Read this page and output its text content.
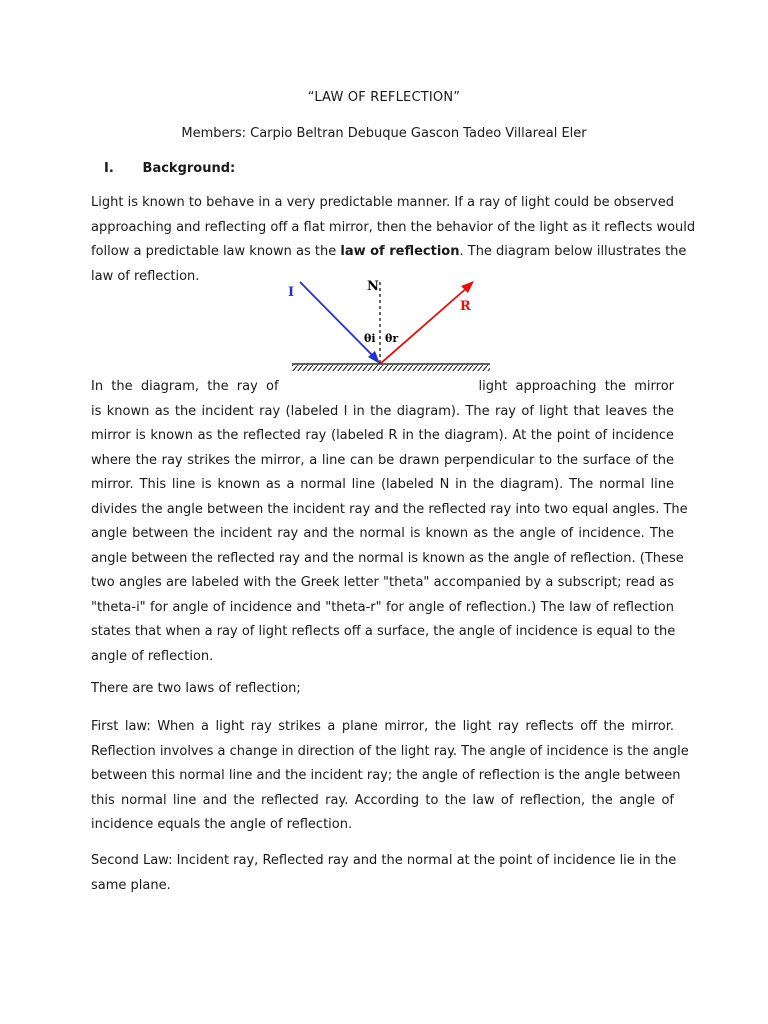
“LAW OF REFLECTION”
Members: Carpio Beltran Debuque Gascon Tadeo Villareal Eler
I. Background:
Light is known to behave in a very predictable manner. If a ray of light could be observed
approaching and reflecting off a flat mirror, then the behavior of the light as it reflects would
follow a predictable law known as the law of reflection. The diagram below illustrates the
law of reflection.
I	N
R
θi θr
In the diagram, the ray of	light approaching the mirror
is known as the incident ray (labeled I in the diagram). The ray of light that leaves the
mirror is known as the reflected ray (labeled R in the diagram). At the point of incidence
where the ray strikes the mirror, a line can be drawn perpendicular to the surface of the
mirror. This line is known as a normal line (labeled N in the diagram). The normal line
divides the angle between the incident ray and the reflected ray into two equal angles. The
angle between the incident ray and the normal is known as the angle of incidence. The
angle between the reflected ray and the normal is known as the angle of reflection. (These
two angles are labeled with the Greek letter "theta" accompanied by a subscript; read as
"theta-i" for angle of incidence and "theta-r" for angle of reflection.) The law of reflection
states that when a ray of light reflects off a surface, the angle of incidence is equal to the
angle of reflection.
There are two laws of reflection;
First law: When a light ray strikes a plane mirror, the light ray reflects off the mirror.
Reflection involves a change in direction of the light ray. The angle of incidence is the angle
between this normal line and the incident ray; the angle of reflection is the angle between
this normal line and the reflected ray. According to the law of reflection, the angle of
incidence equals the angle of reflection.
Second Law: Incident ray, Reflected ray and the normal at the point of incidence lie in the
same plane.
